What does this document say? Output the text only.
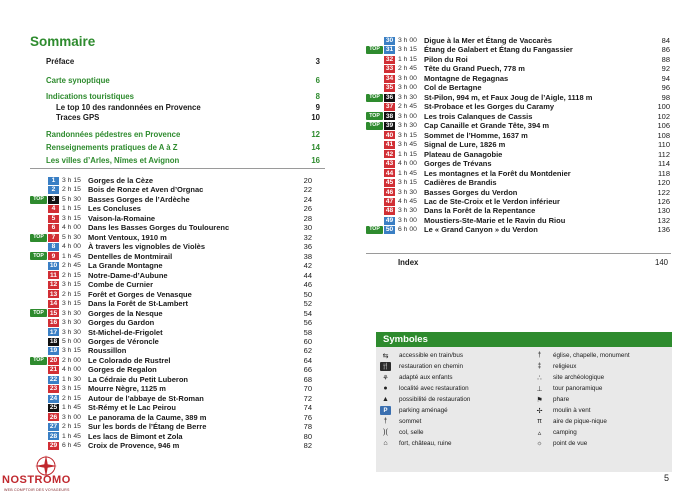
Sommaire
Préface	3
Carte synoptique	6
Indications touristiques	8
Le top 10 des randonnées en Provence	9
Traces GPS	10
Randonnées pédestres en Provence	12
Renseignements pratiques de A à Z	14
Les villes d’Arles, Nîmes et Avignon	16
1 3 h 15 Gorges de la Cèze	20
2 2 h 15 Bois de Ronze et Aven d’Orgnac	22
TOP	3 5 h 30 Basses Gorges de l’Ardèche	24
4 1 h 15 Les Concluses	26
5 3 h 15 Vaison-la-Romaine	28
6 4 h 00 Dans les Basses Gorges du Toulourenc	30
TOP	7 5 h 30 Mont Ventoux, 1910 m	32
8 4 h 00 À travers les vignobles de Violès	36
TOP	9 1 h 45 Dentelles de Montmirail	38
10 2 h 45 La Grande Montagne	42
11 2 h 15 Notre-Dame-d’Aubune	44
12 3 h 15 Combe de Curnier	46
13 2 h 15 Forêt et Gorges de Venasque	50
14 3 h 15 Dans la Forêt de St-Lambert	52
TOP 15 3 h 30 Gorges de la Nesque	54
16 3 h 30 Gorges du Gardon	56
17 3 h 30 St-Michel-de-Frigolet	58
18 5 h 00 Gorges de Véroncle	60
19 3 h 15 Roussillon	62
TOP 20 2 h 00 Le Colorado de Rustrel	64
21 4 h 00 Gorges de Regalon	66
22 1 h 30 La Cédraie du Petit Luberon	68
23 3 h 15 Mourre Nègre, 1125 m	70
24 2 h 15 Autour de l’abbaye de St-Roman	72
25 1 h 45 St-Rémy et le Lac Peirou	74
26 3 h 00 Le panorama de la Caume, 389 m	76
27 2 h 15 Sur les bords de l’Étang de Berre	78
28 1 h 45 Les lacs de Bimont et Zola	80
29 6 h 45 Croix de Provence, 946 m	82
30 3 h 00 Digue à la Mer et Étang de Vaccarès	84
TOP 31 3 h 15 Étang de Galabert et Étang du Fangassier	86
32 1 h 15 Pilon du Roi	88
33 2 h 45 Tête du Grand Puech, 778 m	92
34 3 h 00 Montagne de Regagnas	94
35 3 h 00 Col de Bertagne	96
TOP 36 3 h 30 St-Pilon, 994 m, et Faux Joug de l’Aigle, 1118 m	98
37 2 h 45 St-Probace et les Gorges du Caramy	100
TOP 38 3 h 00 Les trois Calanques de Cassis	102
TOP 39 3 h 30 Cap Canaille et Grande Tête, 394 m	106
40 3 h 15 Sommet de l’Homme, 1637 m	108
41 3 h 45 Signal de Lure, 1826 m	110
42 1 h 15 Plateau de Ganagobie	112
43 4 h 00 Gorges de Trévans	114
44 1 h 45 Les montagnes et la Forêt du Montdenier	118
45 3 h 15 Cadières de Brandis	120
46 3 h 30 Basses Gorges du Verdon	122
47 4 h 45 Lac de Ste-Croix et le Verdon inférieur	126
48 3 h 30 Dans la Forêt de la Repentance	130
49 3 h 00 Moustiers-Ste-Marie et le Ravin du Riou	132
TOP 50 6 h 00 Le « Grand Canyon » du Verdon	136
Index	140
Symboles
⇆	accessible en train/bus
🍴 restauration en chemin
⚘	adapté aux enfants
●	localité avec restauration
▲	possibilité de restauration
P	parking aménagé
†	sommet
)(	col, selle
⌂	fort, château, ruine
†	église, chapelle, monument
‡	religieux
∴	site archéologique
⊥	tour panoramique
⚑	phare
✢	moulin à vent
π	aire de pique-nique
▵	camping
☼	point de vue
NOSTROMO
WEB COMPTOIR DES VOYAGEURS
5
